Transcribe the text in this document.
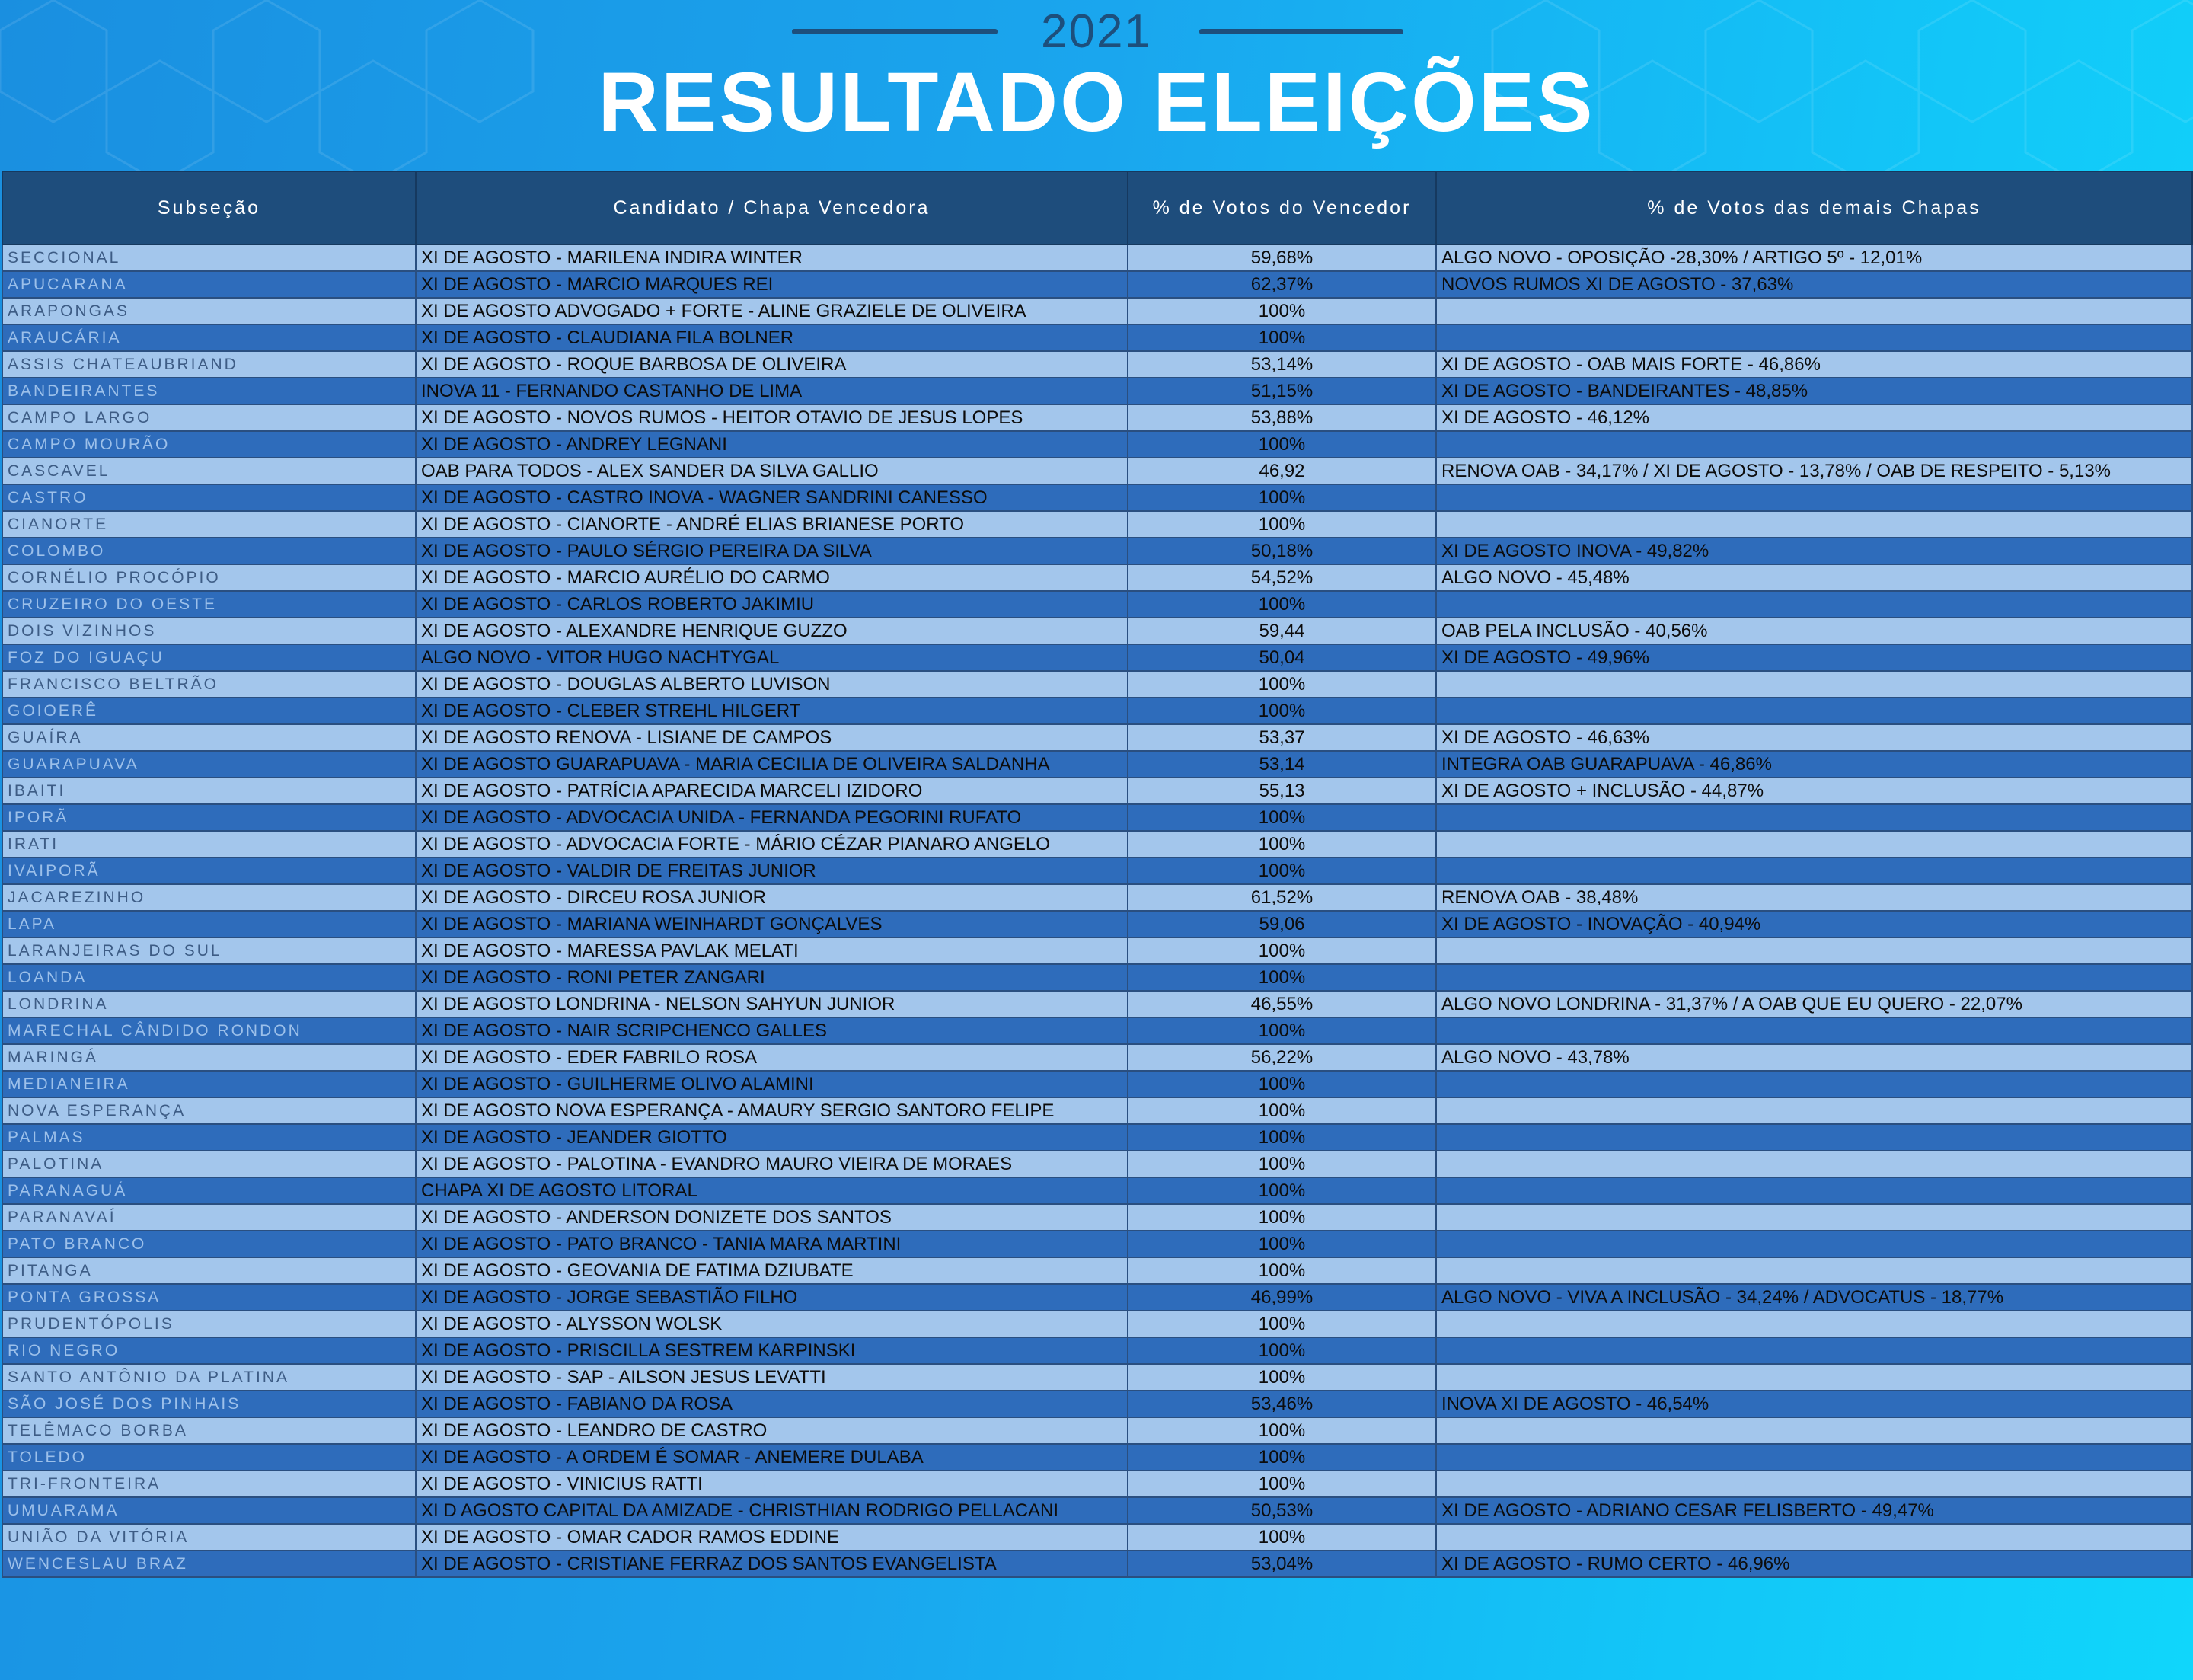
2021
RESULTADO ELEIÇÕES
Subseção	Candidato / Chapa Vencedora	% de Votos do Vencedor	% de Votos das demais Chapas
SECCIONAL	XI DE AGOSTO - MARILENA INDIRA WINTER	59,68%	ALGO NOVO - OPOSIÇÃO -28,30% / ARTIGO 5º - 12,01%
APUCARANA	XI DE AGOSTO - MARCIO MARQUES REI	62,37%	NOVOS RUMOS XI DE AGOSTO - 37,63%
ARAPONGAS	XI DE AGOSTO ADVOGADO + FORTE - ALINE GRAZIELE DE OLIVEIRA	100%	
ARAUCÁRIA	XI DE AGOSTO - CLAUDIANA FILA BOLNER	100%	
ASSIS CHATEAUBRIAND	XI DE AGOSTO - ROQUE BARBOSA DE OLIVEIRA	53,14%	XI DE AGOSTO - OAB MAIS FORTE - 46,86%
BANDEIRANTES	INOVA 11 - FERNANDO CASTANHO DE LIMA	51,15%	XI DE AGOSTO - BANDEIRANTES - 48,85%
CAMPO LARGO	XI DE AGOSTO - NOVOS RUMOS - HEITOR OTAVIO DE JESUS LOPES	53,88%	XI DE AGOSTO - 46,12%
CAMPO MOURÃO	XI DE AGOSTO - ANDREY LEGNANI	100%	
CASCAVEL	OAB PARA TODOS - ALEX SANDER DA SILVA GALLIO	46,92	RENOVA OAB - 34,17% / XI DE AGOSTO - 13,78% / OAB DE RESPEITO - 5,13%
CASTRO	XI DE AGOSTO - CASTRO INOVA - WAGNER SANDRINI CANESSO	100%	
CIANORTE	XI DE AGOSTO - CIANORTE - ANDRÉ ELIAS BRIANESE PORTO	100%	
COLOMBO	XI DE AGOSTO - PAULO SÉRGIO PEREIRA DA SILVA	50,18%	XI DE AGOSTO INOVA - 49,82%
CORNÉLIO PROCÓPIO	XI DE AGOSTO - MARCIO AURÉLIO DO CARMO	54,52%	ALGO NOVO - 45,48%
CRUZEIRO DO OESTE	XI DE AGOSTO - CARLOS ROBERTO JAKIMIU	100%	
DOIS VIZINHOS	XI DE AGOSTO - ALEXANDRE HENRIQUE GUZZO	59,44	OAB PELA INCLUSÃO - 40,56%
FOZ DO IGUAÇU	ALGO NOVO - VITOR HUGO NACHTYGAL	50,04	XI DE AGOSTO - 49,96%
FRANCISCO BELTRÃO	XI DE AGOSTO - DOUGLAS ALBERTO LUVISON	100%	
GOIOERÊ	XI DE AGOSTO - CLEBER STREHL HILGERT	100%	
GUAÍRA	XI DE AGOSTO RENOVA - LISIANE DE CAMPOS	53,37	XI DE AGOSTO - 46,63%
GUARAPUAVA	XI DE AGOSTO GUARAPUAVA - MARIA CECILIA DE OLIVEIRA SALDANHA	53,14	INTEGRA OAB GUARAPUAVA - 46,86%
IBAITI	XI DE AGOSTO - PATRÍCIA APARECIDA MARCELI IZIDORO	55,13	XI DE AGOSTO + INCLUSÃO - 44,87%
IPORÃ	XI DE AGOSTO - ADVOCACIA UNIDA - FERNANDA PEGORINI RUFATO	100%	
IRATI	XI DE AGOSTO - ADVOCACIA FORTE - MÁRIO CÉZAR PIANARO ANGELO	100%	
IVAIPORÃ	XI DE AGOSTO - VALDIR DE FREITAS JUNIOR	100%	
JACAREZINHO	XI DE AGOSTO - DIRCEU ROSA JUNIOR	61,52%	RENOVA OAB - 38,48%
LAPA	XI DE AGOSTO - MARIANA WEINHARDT GONÇALVES	59,06	XI DE AGOSTO - INOVAÇÃO - 40,94%
LARANJEIRAS DO SUL	XI DE AGOSTO - MARESSA PAVLAK MELATI	100%	
LOANDA	XI DE AGOSTO - RONI PETER ZANGARI	100%	
LONDRINA	XI DE AGOSTO LONDRINA - NELSON SAHYUN JUNIOR	46,55%	ALGO NOVO LONDRINA - 31,37% / A OAB QUE EU QUERO - 22,07%
MARECHAL CÂNDIDO RONDON	XI DE AGOSTO - NAIR SCRIPCHENCO GALLES	100%	
MARINGÁ	XI DE AGOSTO - EDER FABRILO ROSA	56,22%	ALGO NOVO - 43,78%
MEDIANEIRA	XI DE AGOSTO - GUILHERME OLIVO ALAMINI	100%	
NOVA ESPERANÇA	XI DE AGOSTO NOVA ESPERANÇA - AMAURY SERGIO SANTORO FELIPE	100%	
PALMAS	XI DE AGOSTO - JEANDER GIOTTO	100%	
PALOTINA	XI DE AGOSTO - PALOTINA - EVANDRO MAURO VIEIRA DE MORAES	100%	
PARANAGUÁ	CHAPA XI DE AGOSTO LITORAL	100%	
PARANAVAÍ	XI DE AGOSTO - ANDERSON DONIZETE DOS SANTOS	100%	
PATO BRANCO	XI DE AGOSTO - PATO BRANCO - TANIA MARA MARTINI	100%	
PITANGA	XI DE AGOSTO - GEOVANIA DE FATIMA DZIUBATE	100%	
PONTA GROSSA	XI DE AGOSTO - JORGE SEBASTIÃO FILHO	46,99%	ALGO NOVO - VIVA A INCLUSÃO - 34,24% / ADVOCATUS - 18,77%
PRUDENTÓPOLIS	XI DE AGOSTO - ALYSSON WOLSK	100%	
RIO NEGRO	XI DE AGOSTO - PRISCILLA SESTREM KARPINSKI	100%	
SANTO ANTÔNIO DA PLATINA	XI DE AGOSTO - SAP - AILSON JESUS LEVATTI	100%	
SÃO JOSÉ DOS PINHAIS	XI DE AGOSTO - FABIANO DA ROSA	53,46%	INOVA XI DE AGOSTO - 46,54%
TELÊMACO BORBA	XI DE AGOSTO - LEANDRO DE CASTRO	100%	
TOLEDO	XI DE AGOSTO - A ORDEM É SOMAR - ANEMERE DULABA	100%	
TRI-FRONTEIRA	XI DE AGOSTO - VINICIUS RATTI	100%	
UMUARAMA	XI D AGOSTO CAPITAL DA AMIZADE - CHRISTHIAN RODRIGO PELLACANI	50,53%	XI DE AGOSTO - ADRIANO CESAR FELISBERTO - 49,47%
UNIÃO DA VITÓRIA	XI DE AGOSTO - OMAR CADOR RAMOS EDDINE	100%	
WENCESLAU BRAZ	XI DE AGOSTO - CRISTIANE FERRAZ DOS SANTOS EVANGELISTA	53,04%	XI DE AGOSTO - RUMO CERTO - 46,96%
